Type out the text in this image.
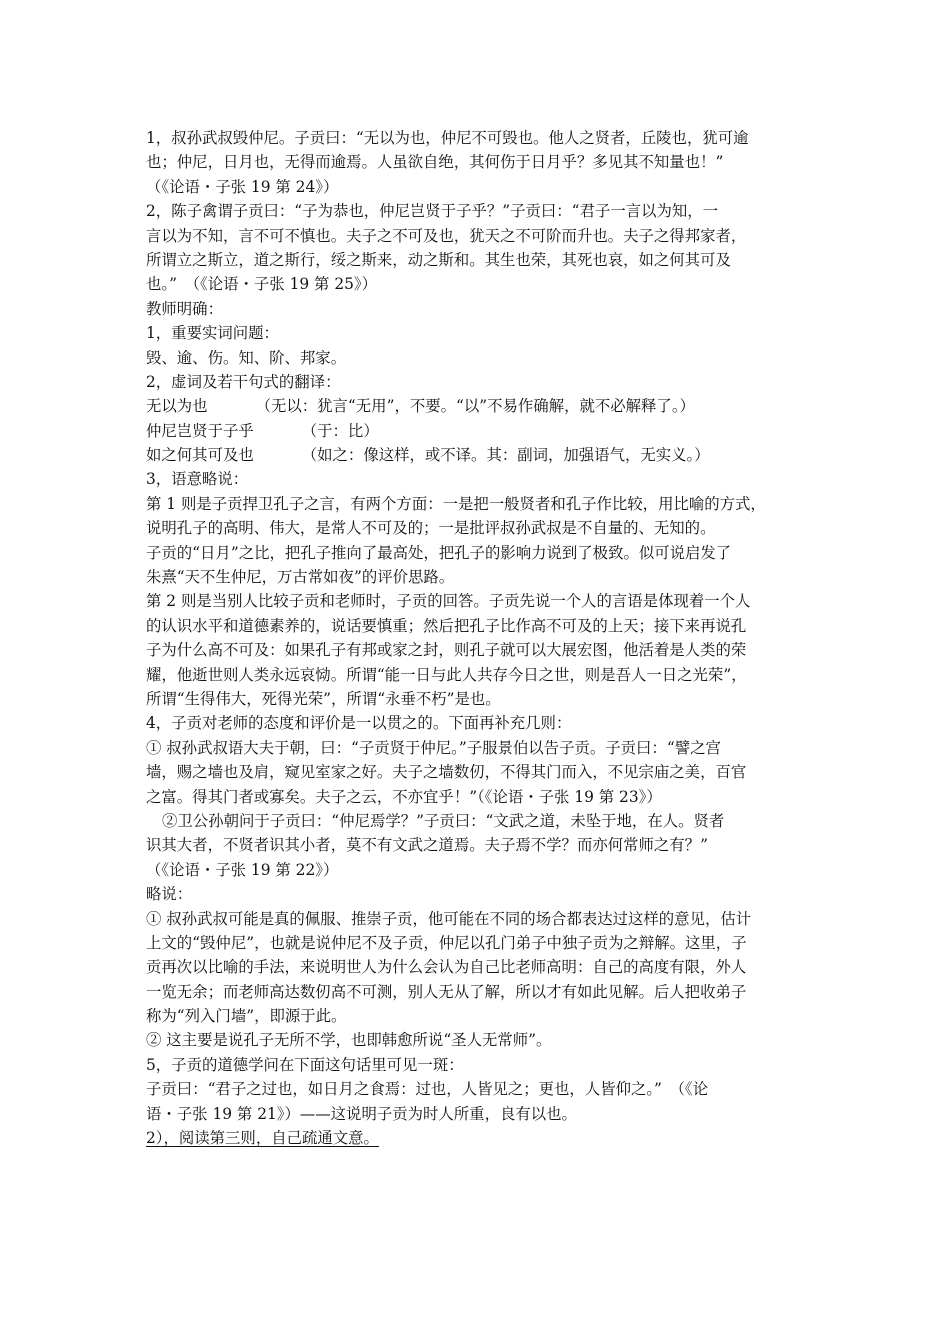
1，叔孙武叔毁仲尼。子贡曰：“无以为也，仲尼不可毁也。他人之贤者，丘陵也，犹可逾
也；仲尼，日月也，无得而逾焉。人虽欲自绝，其何伤于日月乎？多见其不知量也！”
（《论语・子张 19 第 24》）
2，陈子禽谓子贡曰：“子为恭也，仲尼岂贤于子乎？”子贡曰：“君子一言以为知，一
言以为不知，言不可不慎也。夫子之不可及也，犹天之不可阶而升也。夫子之得邦家者，
所谓立之斯立，道之斯行，绥之斯来，动之斯和。其生也荣，其死也哀，如之何其可及
也。”　（《论语・子张 19 第 25》）
教师明确：
1，重要实词问题：
毁、逾、伤。知、阶、邦家。
2，虚词及若干句式的翻译：
无以为也	（无以：犹言“无用”，不要。“以”不易作确解，就不必解释了。）
仲尼岂贤于子乎	（于：比）
如之何其可及也	（如之：像这样，或不译。其：副词，加强语气，无实义。）
3，语意略说：
第 1 则是子贡捍卫孔子之言，有两个方面：一是把一般贤者和孔子作比较，用比喻的方式，
说明孔子的高明、伟大，是常人不可及的；一是批评叔孙武叔是不自量的、无知的。
子贡的“日月”之比，把孔子推向了最高处，把孔子的影响力说到了极致。似可说启发了
朱熹“天不生仲尼，万古常如夜”的评价思路。
第 2 则是当别人比较子贡和老师时，子贡的回答。子贡先说一个人的言语是体现着一个人
的认识水平和道德素养的，说话要慎重；然后把孔子比作高不可及的上天；接下来再说孔
子为什么高不可及：如果孔子有邦或家之封，则孔子就可以大展宏图，他活着是人类的荣
耀，他逝世则人类永远哀恸。所谓“能一日与此人共存今日之世，则是吾人一日之光荣”，
所谓“生得伟大，死得光荣”，所谓“永垂不朽”是也。
4，子贡对老师的态度和评价是一以贯之的。下面再补充几则：
① 叔孙武叔语大夫于朝，曰：“子贡贤于仲尼。”子服景伯以告子贡。子贡曰：“譬之宫
墙，赐之墙也及肩，窥见室家之好。夫子之墙数仞，不得其门而入，不见宗庙之美，百官
之富。得其门者或寡矣。夫子之云，不亦宜乎！”（《论语・子张 19 第 23》）
②卫公孙朝问于子贡曰：“仲尼焉学？”子贡曰：“文武之道，未坠于地，在人。贤者
识其大者，不贤者识其小者，莫不有文武之道焉。夫子焉不学？而亦何常师之有？”
（《论语・子张 19 第 22》）
略说：
① 叔孙武叔可能是真的佩服、推崇子贡，他可能在不同的场合都表达过这样的意见，估计
上文的“毁仲尼”，也就是说仲尼不及子贡，仲尼以孔门弟子中独子贡为之辩解。这里，子
贡再次以比喻的手法，来说明世人为什么会认为自己比老师高明：自己的高度有限，外人
一览无余；而老师高达数仞高不可测，别人无从了解，所以才有如此见解。后人把收弟子
称为“列入门墙”，即源于此。
② 这主要是说孔子无所不学，也即韩愈所说“圣人无常师”。
5，子贡的道德学问在下面这句话里可见一斑：
子贡曰：“君子之过也，如日月之食焉：过也，人皆见之；更也，人皆仰之。”　（《论
语・子张 19 第 21》）——这说明子贡为时人所重，良有以也。
2），阅读第三则，自己疏通文意。
